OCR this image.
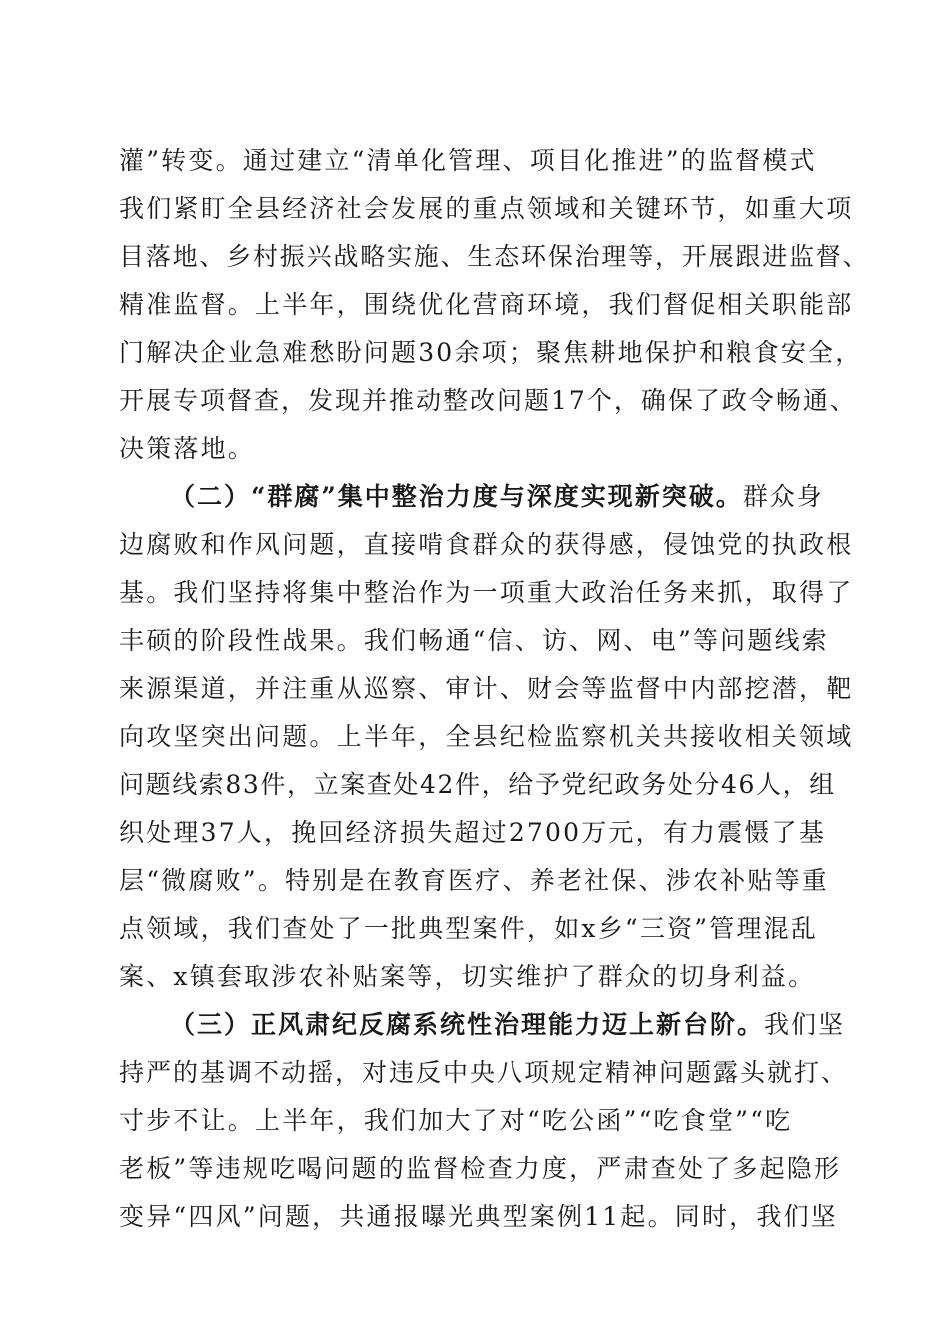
灌”转变。通过建立“清单化管理、项目化推进”的监督模式
我们紧盯全县经济社会发展的重点领域和关键环节，如重大项
目落地、乡村振兴战略实施、生态环保治理等，开展跟进监督、
精准监督。上半年，围绕优化营商环境，我们督促相关职能部
门解决企业急难愁盼问题30余项；聚焦耕地保护和粮食安全，
开展专项督查，发现并推动整改问题17个，确保了政令畅通、
决策落地。
（二）“群腐”集中整治力度与深度实现新突破。群众身
边腐败和作风问题，直接啃食群众的获得感，侵蚀党的执政根
基。我们坚持将集中整治作为一项重大政治任务来抓，取得了
丰硕的阶段性战果。我们畅通“信、访、网、电”等问题线索
来源渠道，并注重从巡察、审计、财会等监督中内部挖潜，靶
向攻坚突出问题。上半年，全县纪检监察机关共接收相关领域
问题线索83件，立案查处42件，给予党纪政务处分46人，组
织处理37人，挽回经济损失超过2700万元，有力震慑了基
层“微腐败”。特别是在教育医疗、养老社保、涉农补贴等重
点领域，我们查处了一批典型案件，如x乡“三资”管理混乱
案、x镇套取涉农补贴案等，切实维护了群众的切身利益。
（三）正风肃纪反腐系统性治理能力迈上新台阶。我们坚
持严的基调不动摇，对违反中央八项规定精神问题露头就打、
寸步不让。上半年，我们加大了对“吃公函”“吃食堂”“吃
老板”等违规吃喝问题的监督检查力度，严肃查处了多起隐形
变异“四风”问题，共通报曝光典型案例11起。同时，我们坚
